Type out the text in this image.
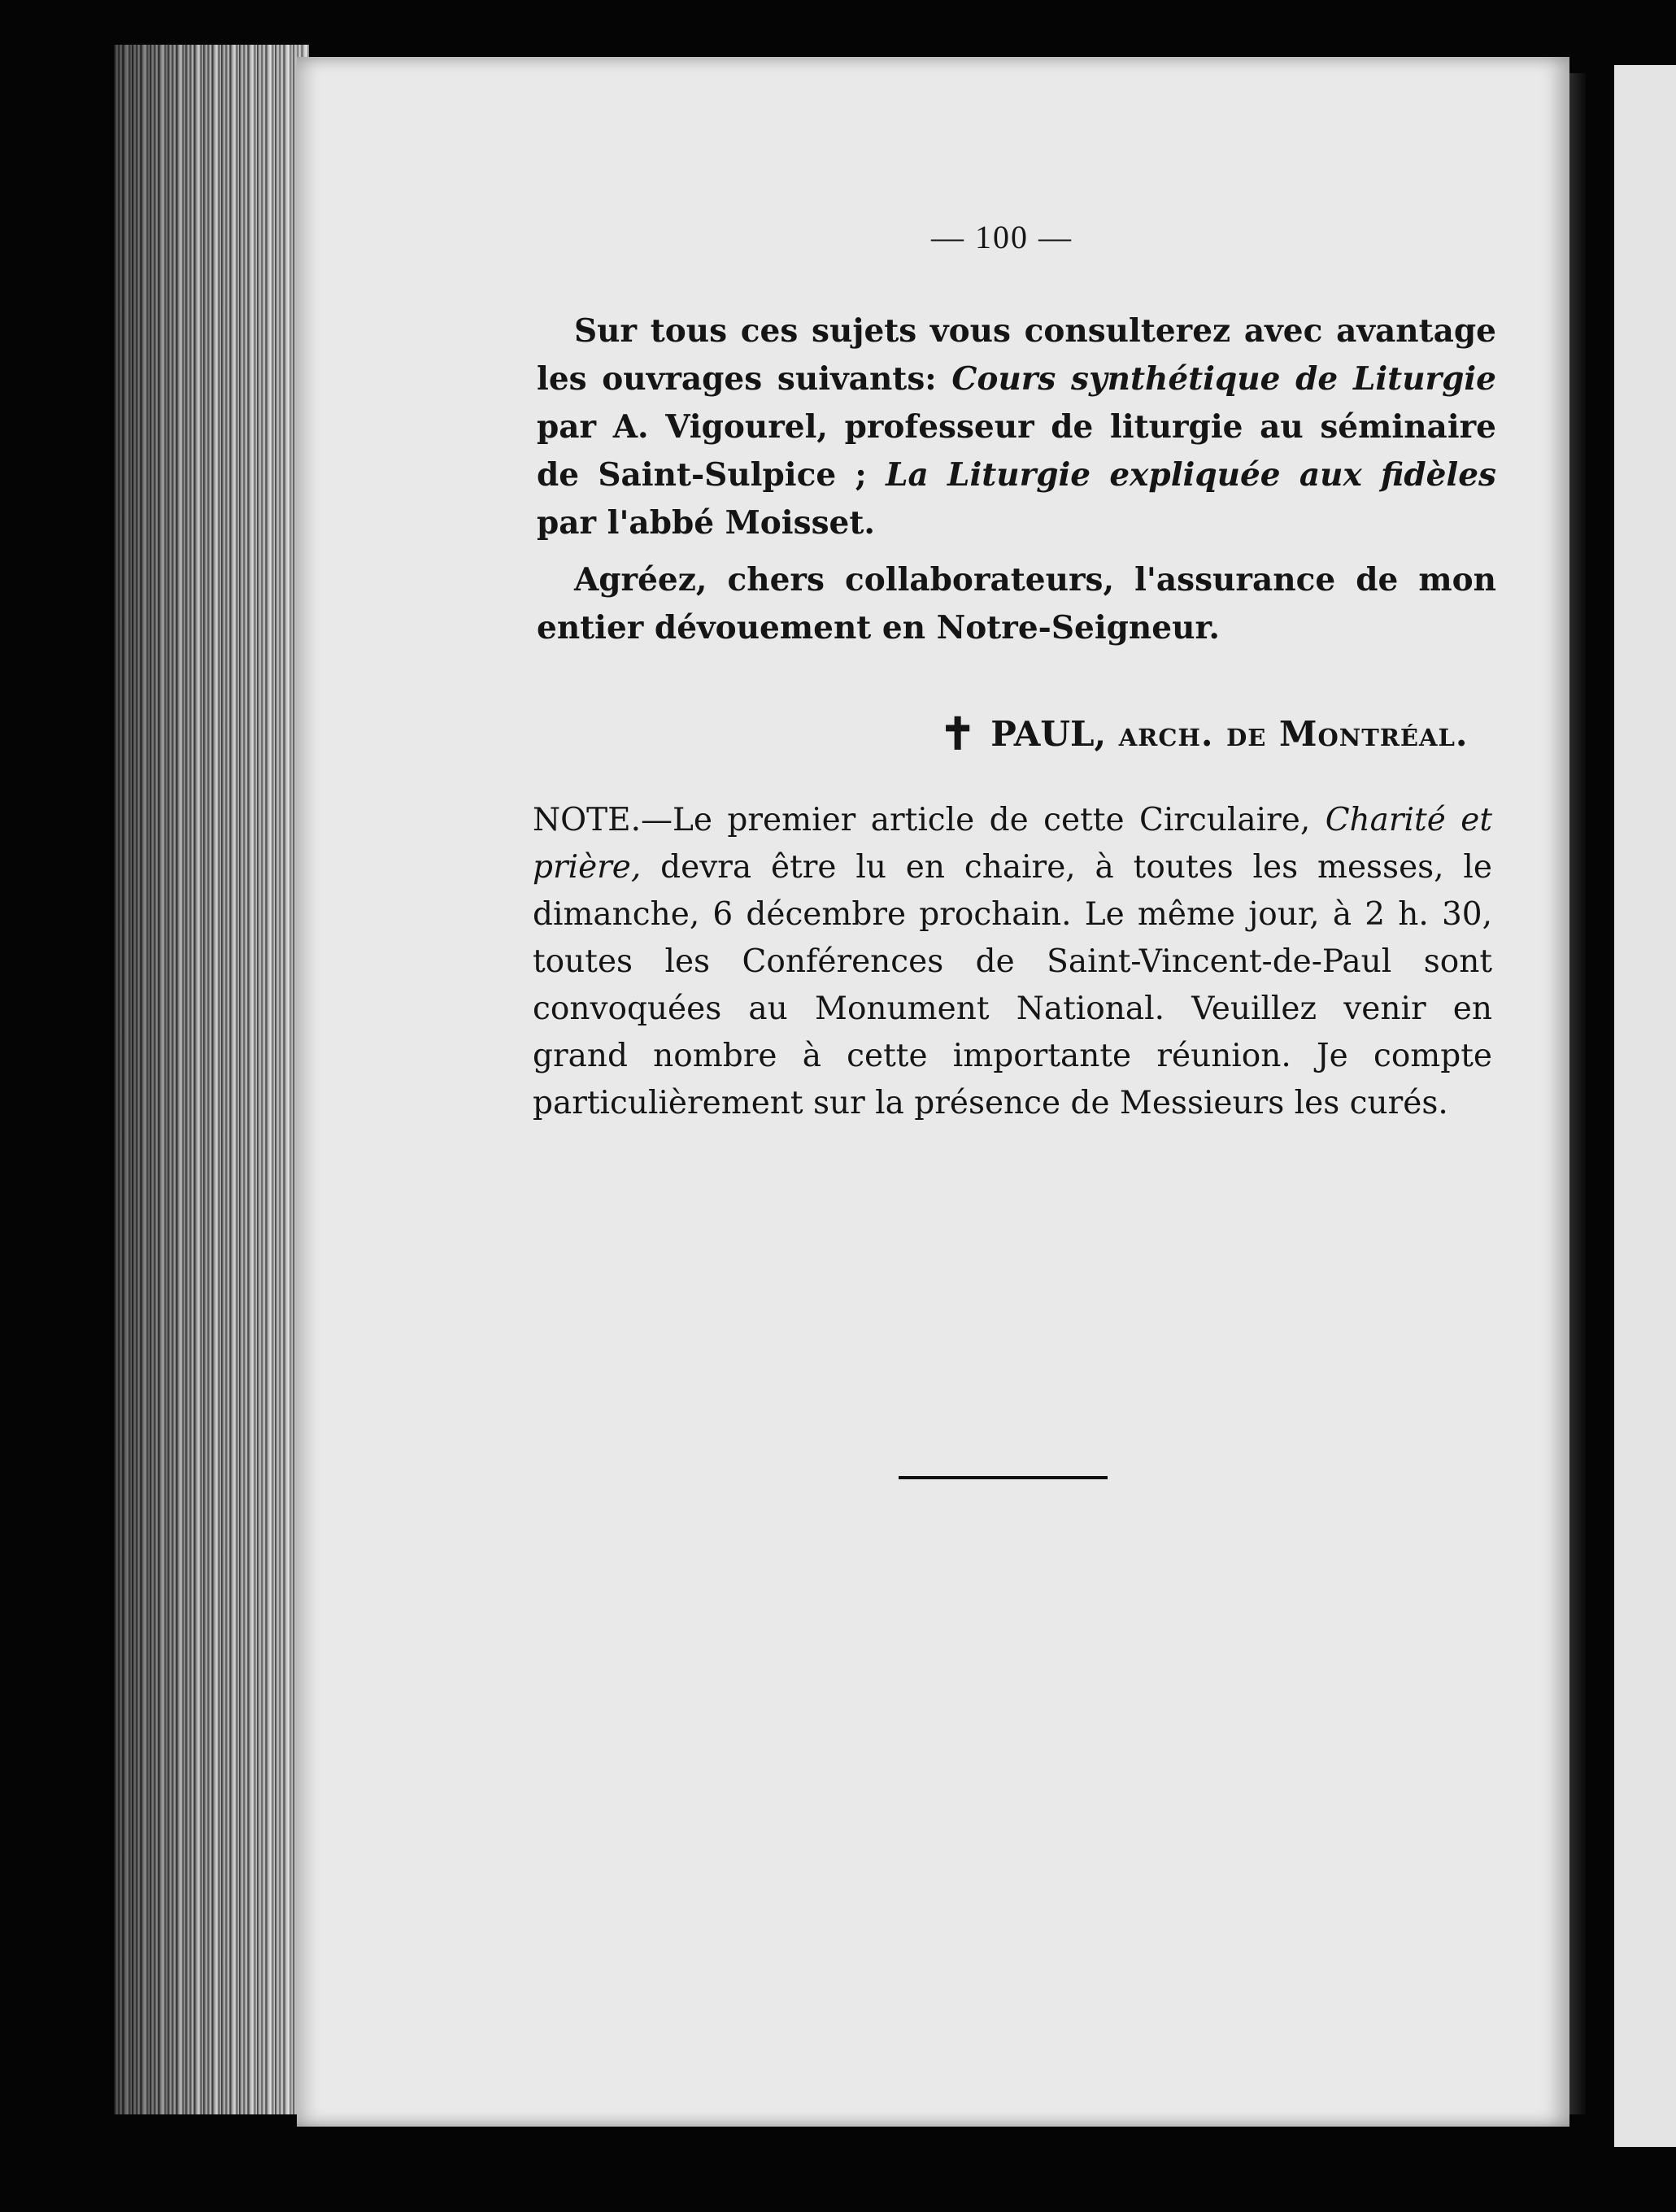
— 100 —
Sur tous ces sujets vous consulterez avec avantage les ouvrages suivants: Cours synthétique de Liturgie par A. Vigourel, professeur de liturgie au séminaire de Saint-Sulpice ; La Liturgie expliquée aux fidèles par l'abbé Moisset.
Agréez, chers collaborateurs, l'assurance de mon entier dévouement en Notre-Seigneur.
✝ PAUL, arch. de Montréal.
NOTE.—Le premier article de cette Circulaire, Charité et prière, devra être lu en chaire, à toutes les messes, le dimanche, 6 décembre prochain. Le même jour, à 2 h. 30, toutes les Conférences de Saint-Vincent-de-Paul sont convoquées au Monument National. Veuillez venir en grand nombre à cette importante réunion. Je compte particulièrement sur la présence de Messieurs les curés.
